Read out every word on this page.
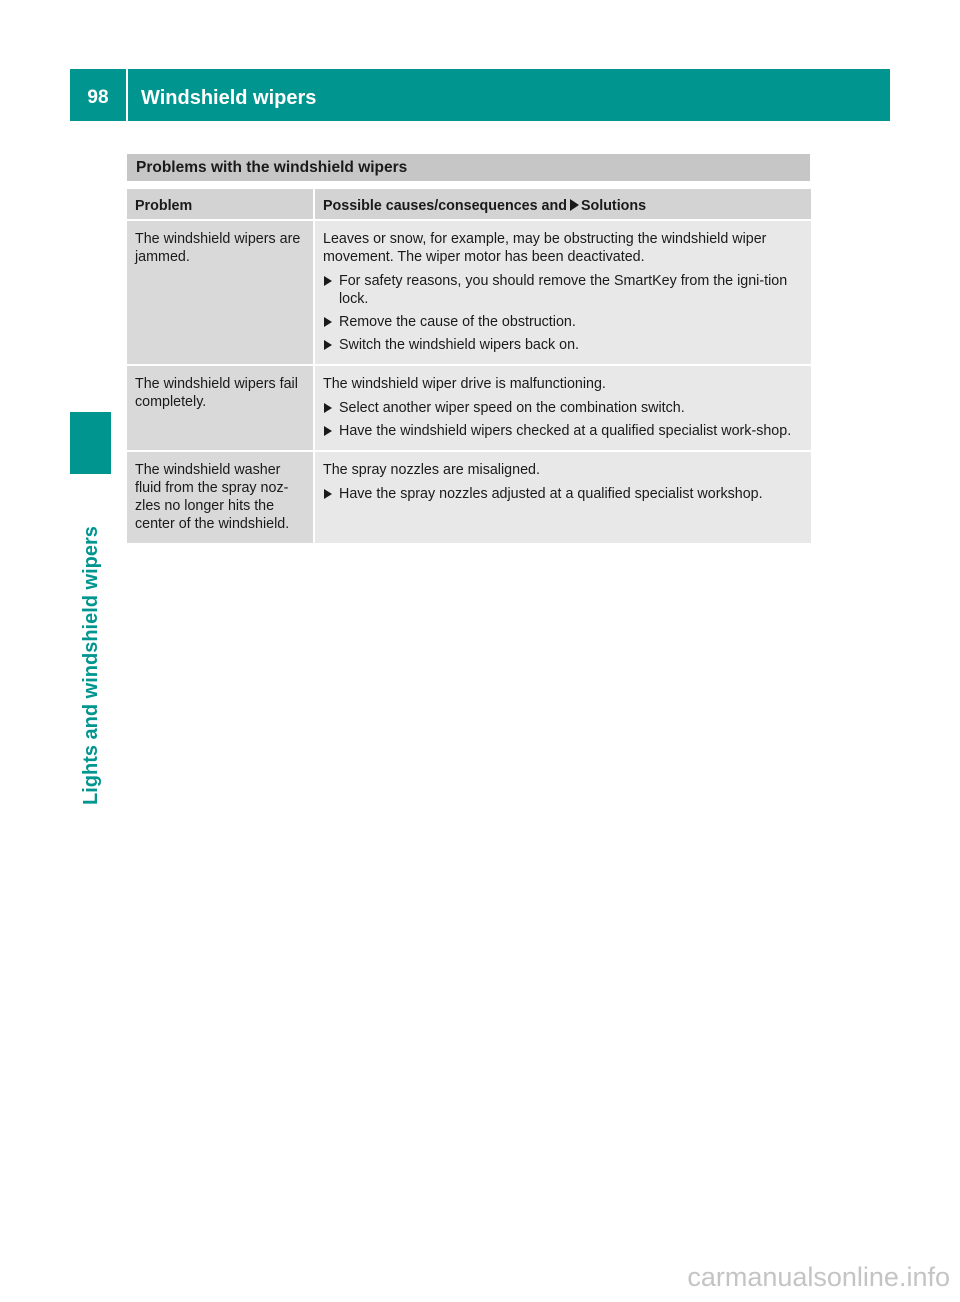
98	Windshield wipers
Lights and windshield wipers
Problems with the windshield wipers
Problem	Possible causes/consequences and Solutions
The windshield wipers are jammed.	Leaves or snow, for example, may be obstructing the windshield wiper movement. The wiper motor has been deactivated.
For safety reasons, you should remove the SmartKey from the igni-tion lock.
Remove the cause of the obstruction.
Switch the windshield wipers back on.

The windshield wipers fail completely.	The windshield wiper drive is malfunctioning.
Select another wiper speed on the combination switch.
Have the windshield wipers checked at a qualified specialist work-shop.

The windshield washer fluid from the spray noz-zles no longer hits the center of the windshield.	The spray nozzles are misaligned.
Have the spray nozzles adjusted at a qualified specialist workshop.
carmanualsonline.info
